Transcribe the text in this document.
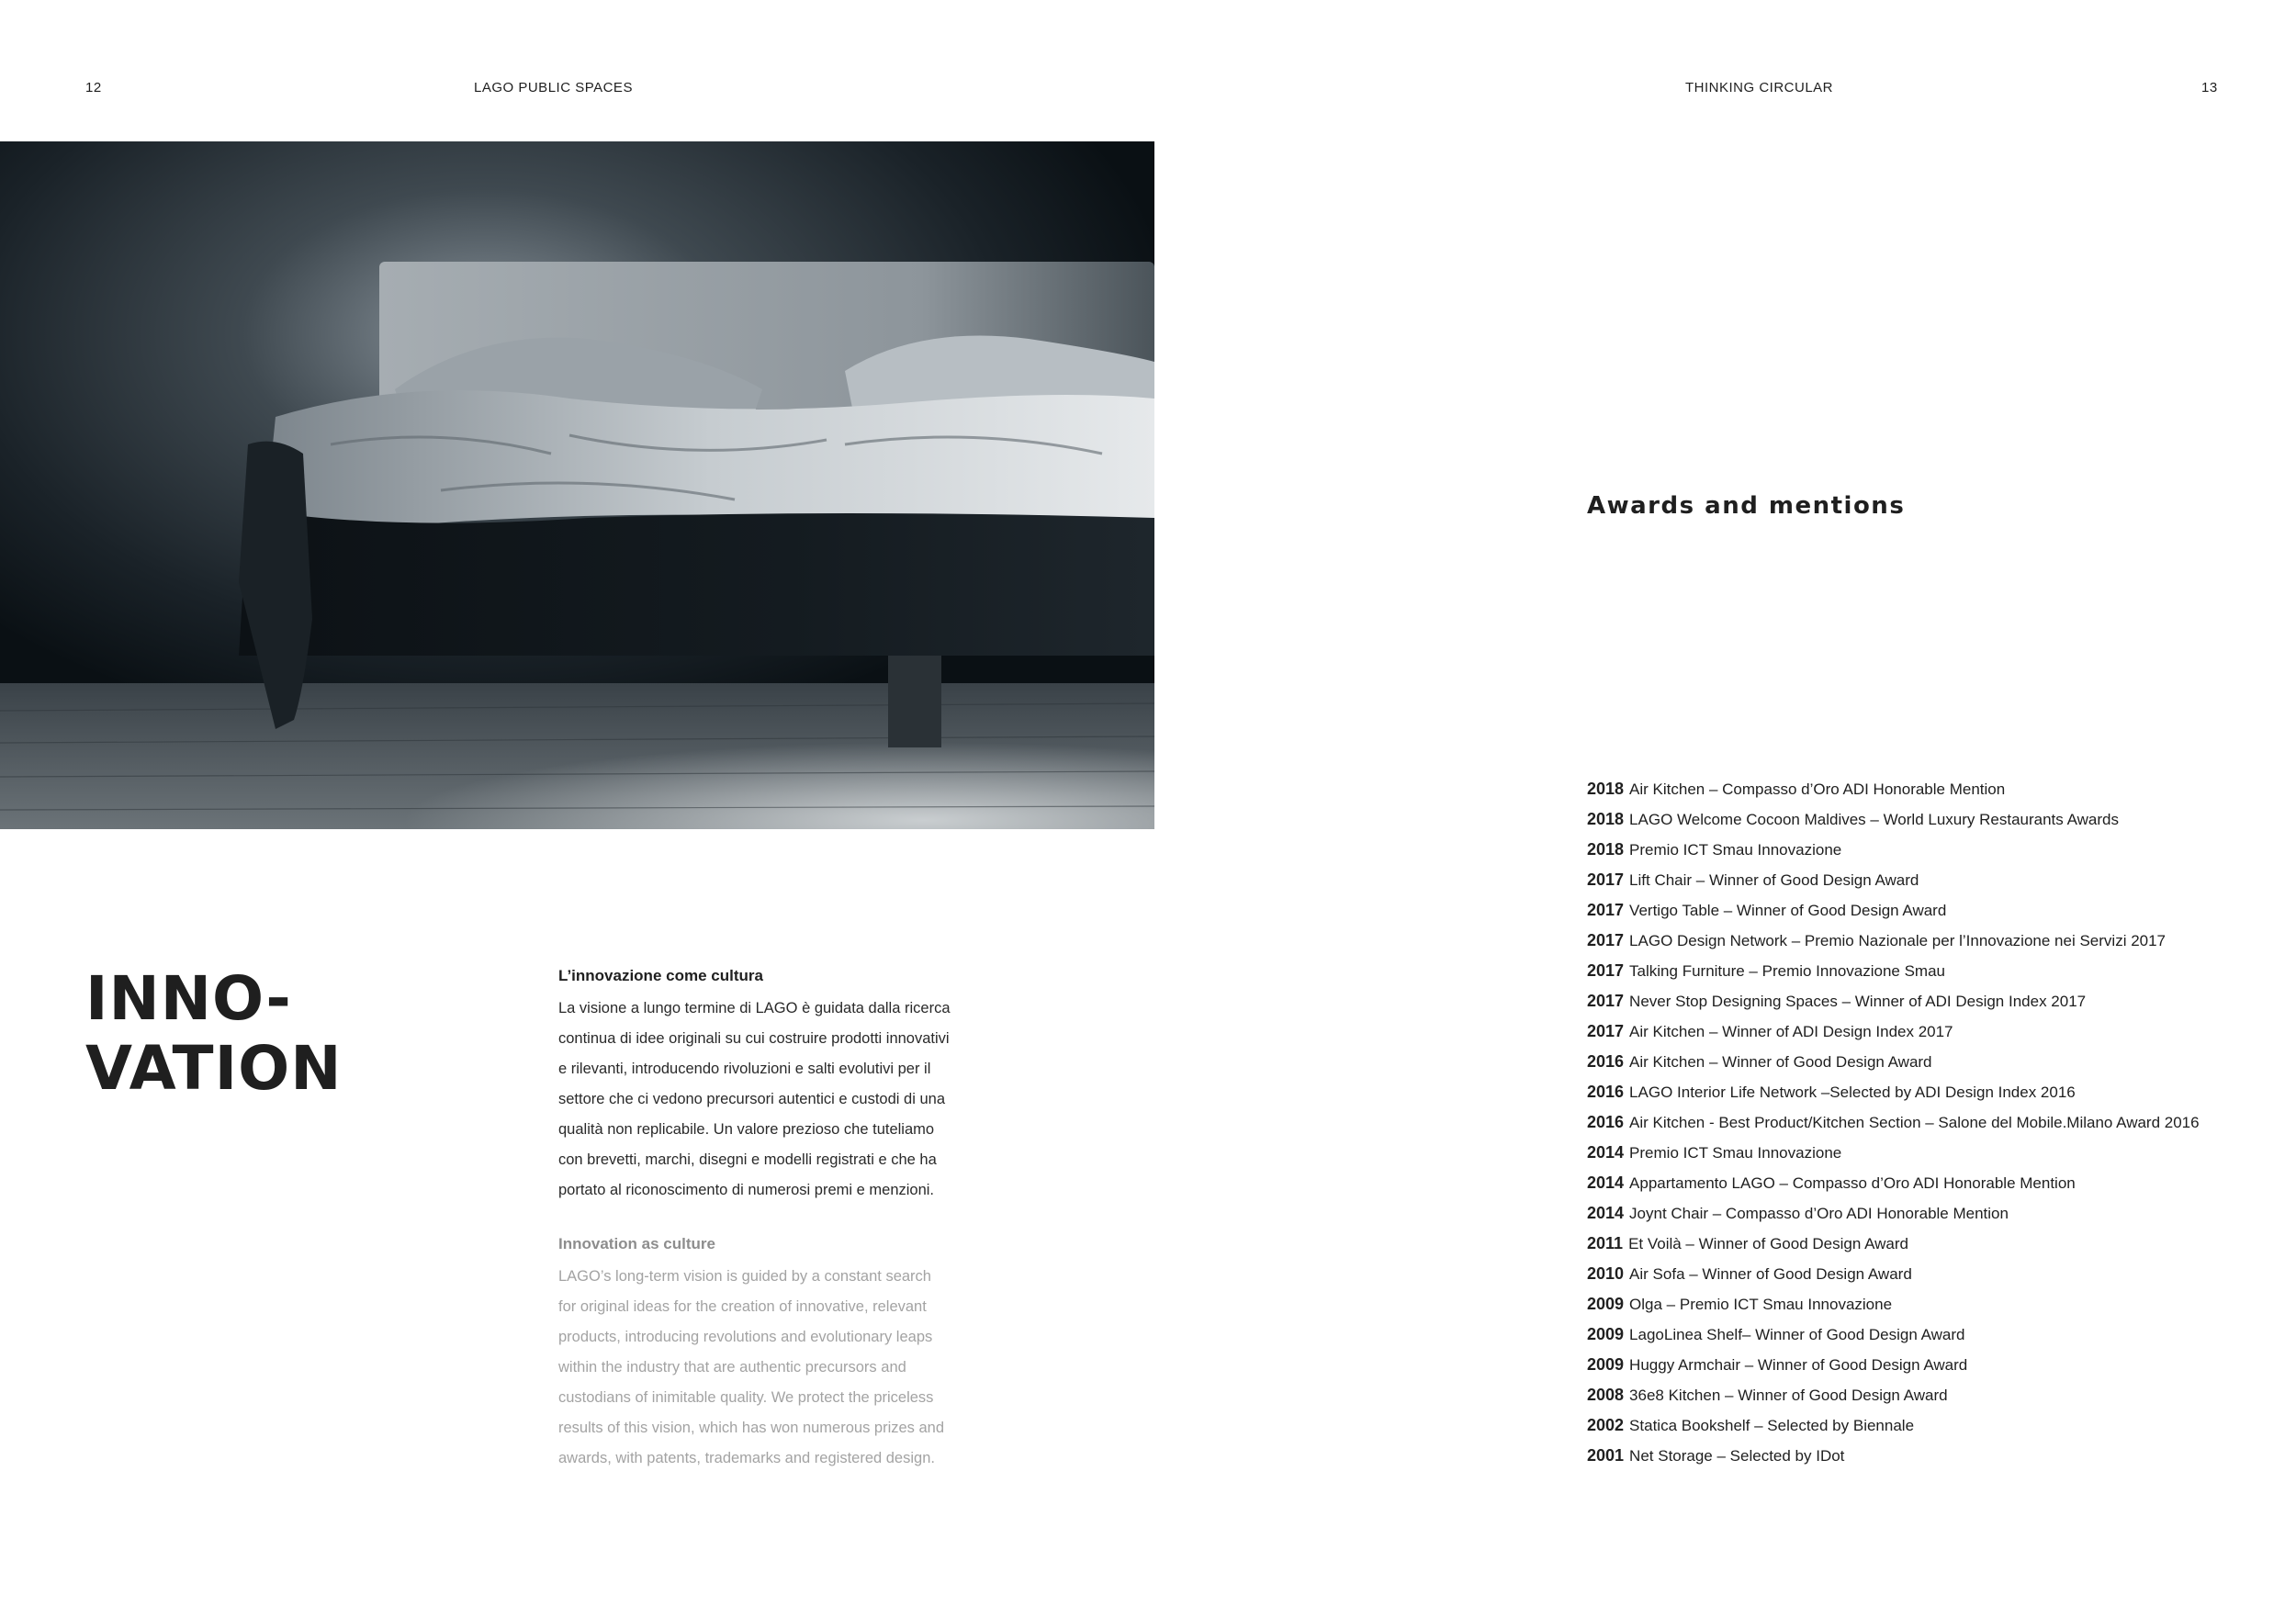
12	LAGO PUBLIC SPACES	THINKING CIRCULAR	13
INNO-
VATION
L’innovazione come cultura
La visione a lungo termine di LAGO è guidata dalla ricerca
continua di idee originali su cui costruire prodotti innovativi
e rilevanti, introducendo rivoluzioni e salti evolutivi per il
settore che ci vedono precursori autentici e custodi di una
qualità non replicabile. Un valore prezioso che tuteliamo
con brevetti, marchi, disegni e modelli registrati e che ha
portato al riconoscimento di numerosi premi e menzioni.
Innovation as culture
LAGO’s long-term vision is guided by a constant search
for original ideas for the creation of innovative, relevant
products, introducing revolutions and evolutionary leaps
within the industry that are authentic precursors and
custodians of inimitable quality. We protect the priceless
results of this vision, which has won numerous prizes and
awards, with patents, trademarks and registered design.
Awards and mentions
2018 Air Kitchen – Compasso d’Oro ADI Honorable Mention
2018 LAGO Welcome Cocoon Maldives – World Luxury Restaurants Awards
2018 Premio ICT Smau Innovazione
2017 Lift Chair – Winner of Good Design Award
2017 Vertigo Table – Winner of Good Design Award
2017 LAGO Design Network – Premio Nazionale per l’Innovazione nei Servizi 2017
2017 Talking Furniture – Premio Innovazione Smau
2017 Never Stop Designing Spaces – Winner of ADI Design Index 2017
2017 Air Kitchen – Winner of ADI Design Index 2017
2016 Air Kitchen – Winner of Good Design Award
2016 LAGO Interior Life Network –Selected by ADI Design Index 2016
2016 Air Kitchen - Best Product/Kitchen Section – Salone del Mobile.Milano Award 2016
2014 Premio ICT Smau Innovazione
2014 Appartamento LAGO – Compasso d’Oro ADI Honorable Mention
2014 Joynt Chair – Compasso d’Oro ADI Honorable Mention
2011 Et Voilà – Winner of Good Design Award
2010 Air Sofa – Winner of Good Design Award
2009 Olga – Premio ICT Smau Innovazione
2009 LagoLinea Shelf– Winner of Good Design Award
2009 Huggy Armchair – Winner of Good Design Award
2008 36e8 Kitchen – Winner of Good Design Award
2002 Statica Bookshelf – Selected by Biennale
2001 Net Storage – Selected by IDot
